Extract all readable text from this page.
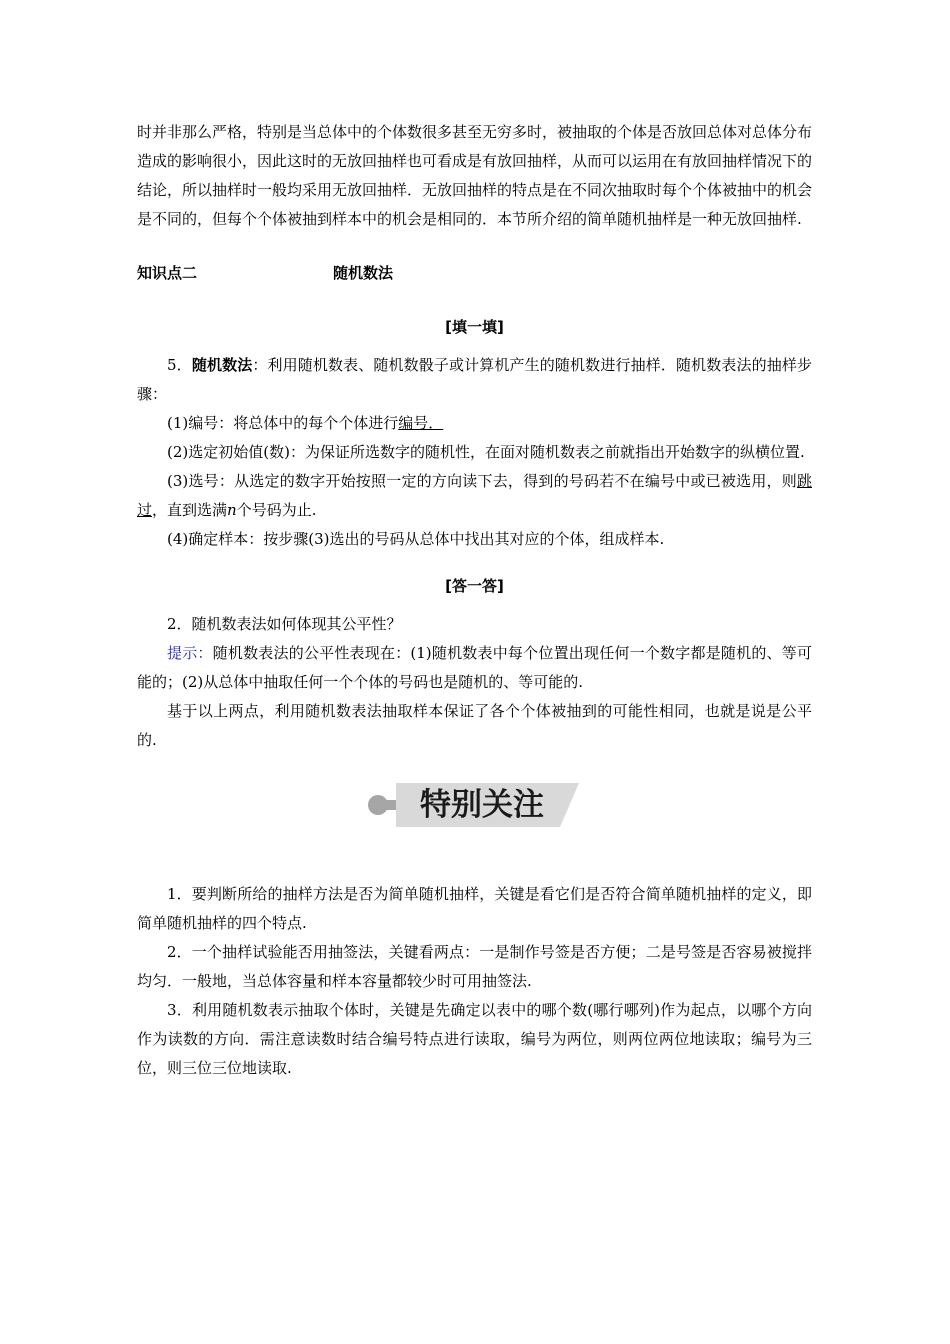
时并非那么严格，特别是当总体中的个体数很多甚至无穷多时，被抽取的个体是否放回总体对总体分布造成的影响很小，因此这时的无放回抽样也可看成是有放回抽样，从而可以运用在有放回抽样情况下的结论，所以抽样时一般均采用无放回抽样．无放回抽样的特点是在不同次抽取时每个个体被抽中的机会是不同的，但每个个体被抽到样本中的机会是相同的．本节所介绍的简单随机抽样是一种无放回抽样.

知识点二	随机数法

[填一填]

5．随机数法：利用随机数表、随机数骰子或计算机产生的随机数进行抽样．随机数表法的抽样步骤：

(1)编号：将总体中的每个个体进行编号．

(2)选定初始值(数)：为保证所选数字的随机性，在面对随机数表之前就指出开始数字的纵横位置.

(3)选号：从选定的数字开始按照一定的方向读下去，得到的号码若不在编号中或已被选用，则跳过，直到选满n个号码为止.

(4)确定样本：按步骤(3)选出的号码从总体中找出其对应的个体，组成样本.

[答一答]

2．随机数表法如何体现其公平性？

提示：随机数表法的公平性表现在：(1)随机数表中每个位置出现任何一个数字都是随机的、等可能的；(2)从总体中抽取任何一个个体的号码也是随机的、等可能的.

基于以上两点，利用随机数表法抽取样本保证了各个个体被抽到的可能性相同，也就是说是公平的.

特别关注

1．要判断所给的抽样方法是否为简单随机抽样，关键是看它们是否符合简单随机抽样的定义，即简单随机抽样的四个特点.

2．一个抽样试验能否用抽签法，关键看两点：一是制作号签是否方便；二是号签是否容易被搅拌均匀．一般地，当总体容量和样本容量都较少时可用抽签法.

3．利用随机数表示抽取个体时，关键是先确定以表中的哪个数(哪行哪列)作为起点，以哪个方向作为读数的方向．需注意读数时结合编号特点进行读取，编号为两位，则两位两位地读取；编号为三位，则三位三位地读取.
